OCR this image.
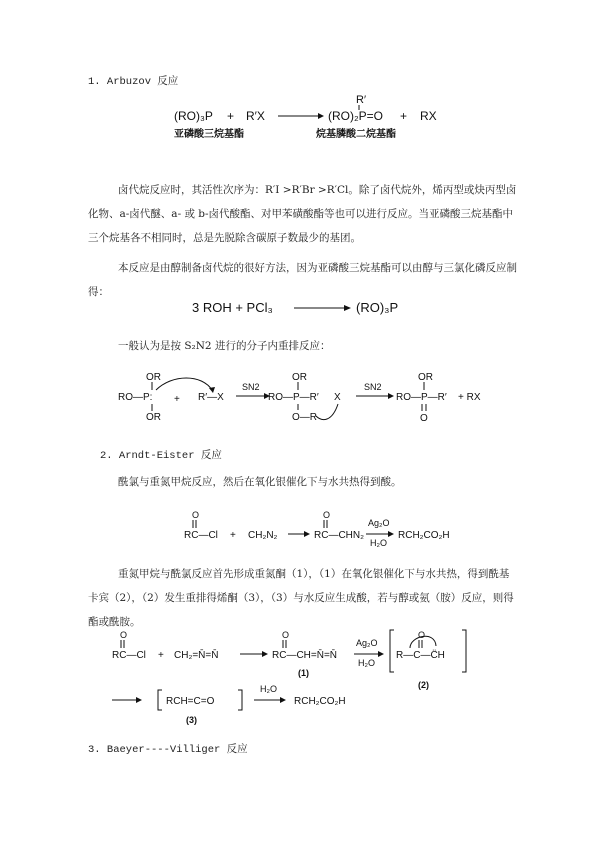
1. Arbuzov 反应
(RO)₃P + R′X
R′
(RO)₂P=O + RX
亚磷酸三烷基酯	烷基膦酸二烷基酯
卤代烷反应时，其活性次序为：R′I >R′Br >R′Cl。除了卤代烷外，烯丙型或炔丙型卤化物、a-卤代醚、a- 或 b-卤代酸酯、对甲苯磺酸酯等也可以进行反应。当亚磷酸三烷基酯中三个烷基各不相同时，总是先脱除含碳原子数最少的基团。
本反应是由醇制备卤代烷的很好方法，因为亚磷酸三烷基酯可以由醇与三氯化磷反应制得：
3 ROH + PCl₃	(RO)₃P
一般认为是按 S₂N2 进行的分子内重排反应：
OR
RO—P:
OR
+ R′—X
SN2
OR
RO—P—R′
O—R
X
SN2
OR
RO—P—R′
O
+ RX
2. Arndt-Eister 反应
酰氯与重氮甲烷反应，然后在氧化银催化下与水共热得到酸。
O
RC—Cl + CH₂N₂
O
RC—CHN₂
Ag₂O
H₂O
RCH₂CO₂H
重氮甲烷与酰氯反应首先形成重氮酮（1），（1）在氧化银催化下与水共热，得到酰基卡宾（2），（2）发生重排得烯酮（3），（3）与水反应生成酸，若与醇或氨（胺）反应，则得酯或酰胺。
O
RC—Cl + CH₂=N̄=N̄
O
RC—CH=N̄=N̄
(1)
Ag₂O
H₂O
O
R—C—C̈H
(2)
RCH=C=O
(3)
H₂O
RCH₂CO₂H
3. Baeyer----Villiger 反应
